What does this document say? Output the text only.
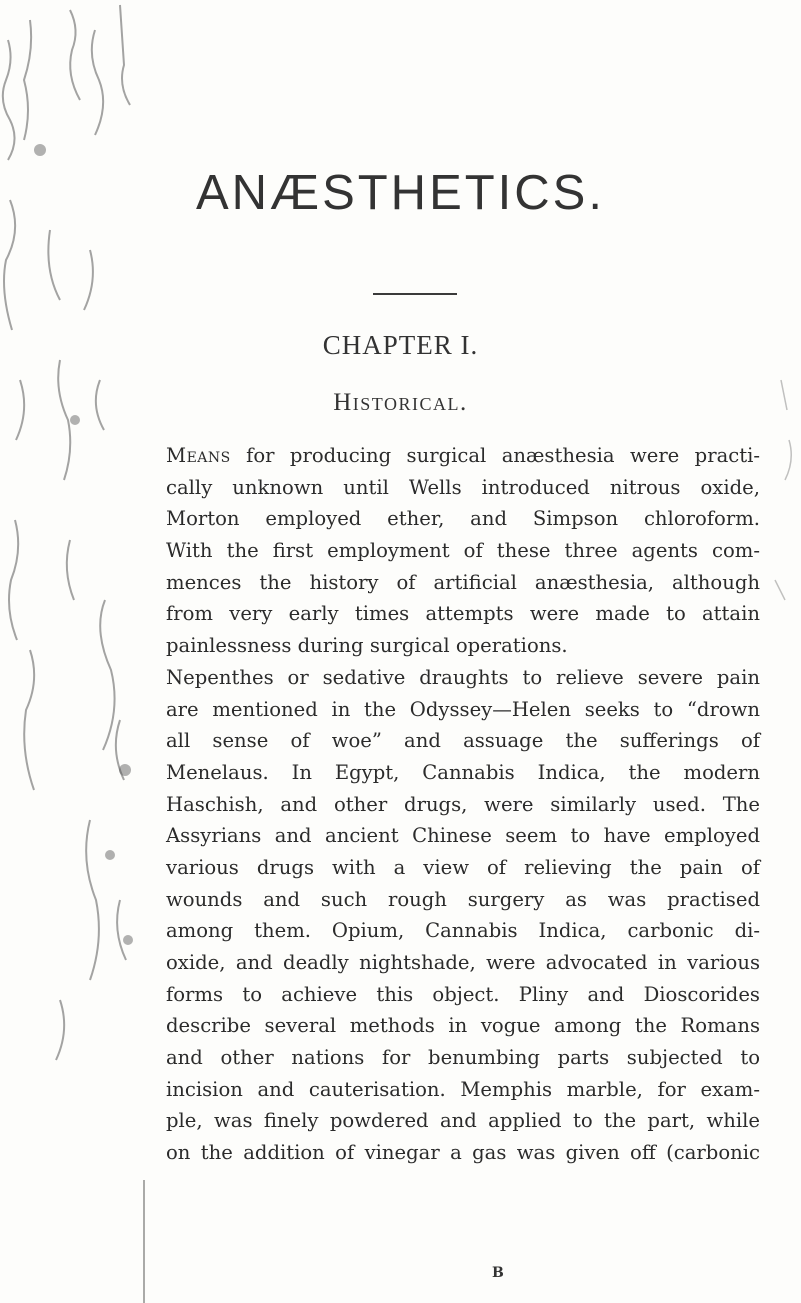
ANÆSTHETICS.
CHAPTER I.
Historical.
Means for producing surgical anæsthesia were practi-
cally unknown until Wells introduced nitrous oxide,
Morton employed ether, and Simpson chloroform.
With the first employment of these three agents com-
mences the history of artificial anæsthesia, although
from very early times attempts were made to attain
painlessness during surgical operations.
Nepenthes or sedative draughts to relieve severe pain
are mentioned in the Odyssey—Helen seeks to “drown
all sense of woe” and assuage the sufferings of
Menelaus. In Egypt, Cannabis Indica, the modern
Haschish, and other drugs, were similarly used. The
Assyrians and ancient Chinese seem to have employed
various drugs with a view of relieving the pain of
wounds and such rough surgery as was practised
among them. Opium, Cannabis Indica, carbonic di-
oxide, and deadly nightshade, were advocated in various
forms to achieve this object. Pliny and Dioscorides
describe several methods in vogue among the Romans
and other nations for benumbing parts subjected to
incision and cauterisation. Memphis marble, for exam-
ple, was finely powdered and applied to the part, while
on the addition of vinegar a gas was given off (carbonic
B
